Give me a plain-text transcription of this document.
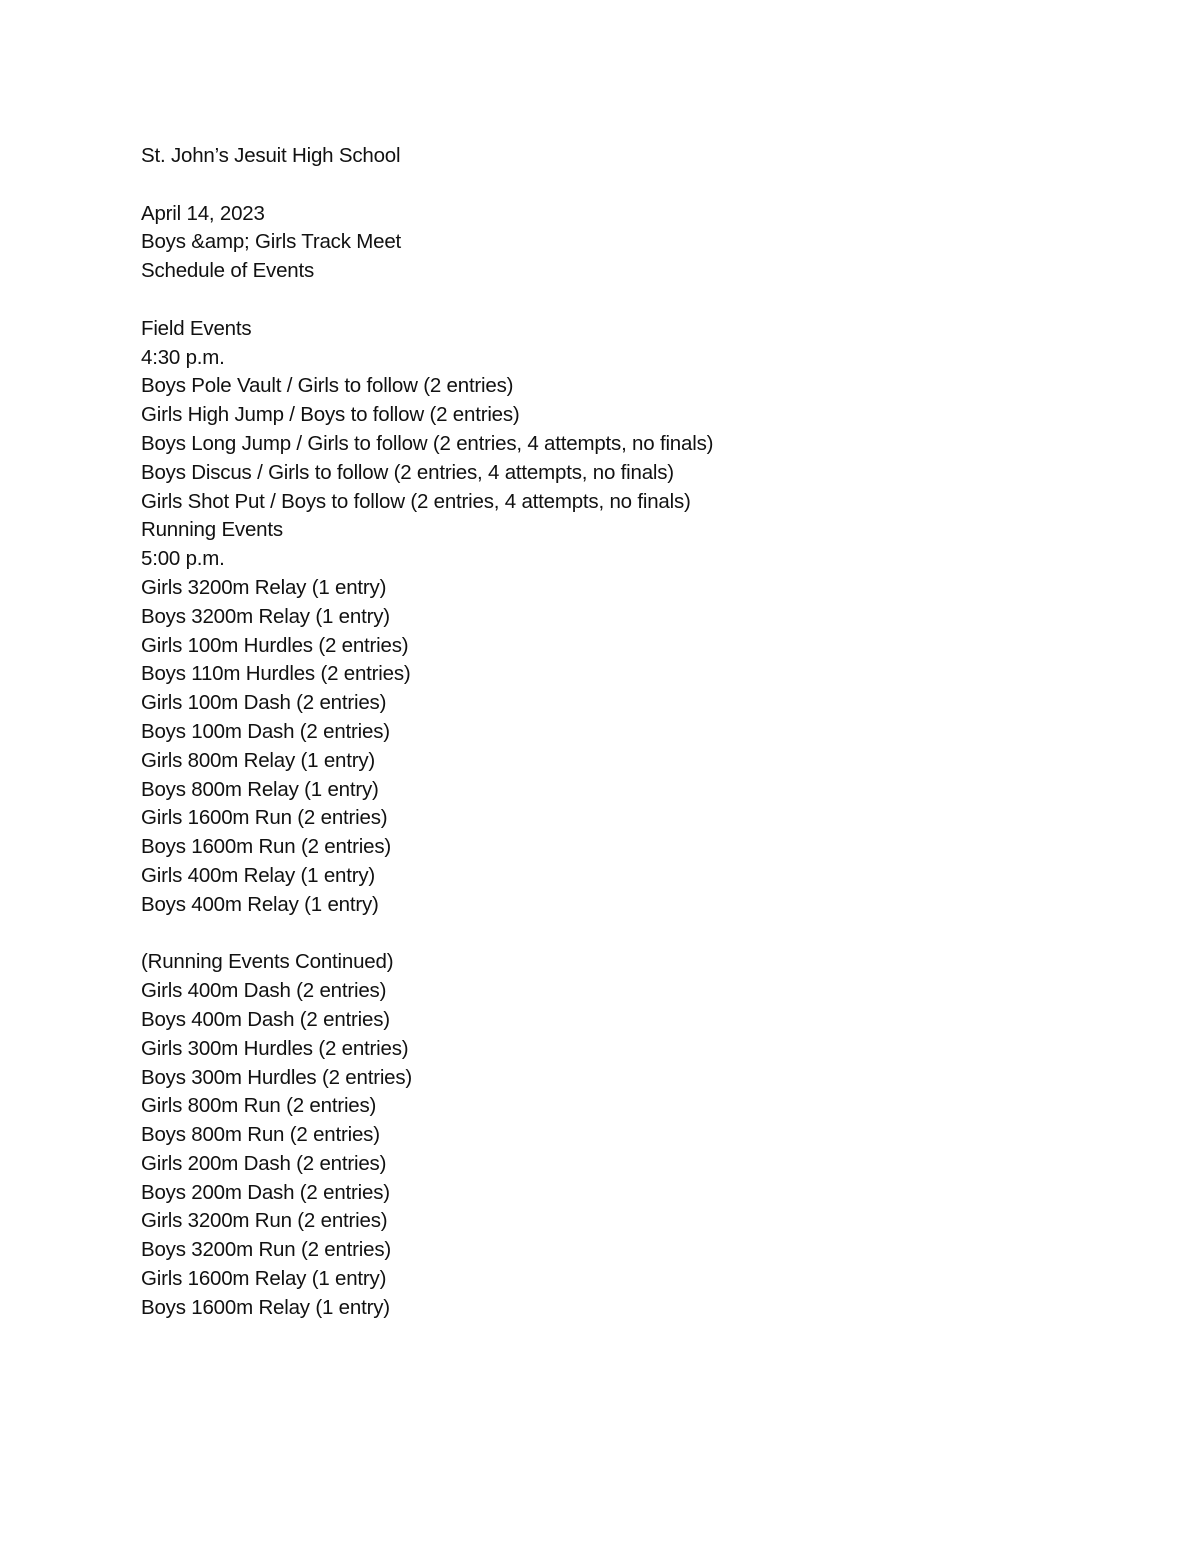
St. John’s Jesuit High School
April 14, 2023
Boys &amp; Girls Track Meet
Schedule of Events
Field Events
4:30 p.m.
Boys Pole Vault / Girls to follow (2 entries)
Girls High Jump / Boys to follow (2 entries)
Boys Long Jump / Girls to follow (2 entries, 4 attempts, no finals)
Boys Discus / Girls to follow (2 entries, 4 attempts, no finals)
Girls Shot Put / Boys to follow (2 entries, 4 attempts, no finals)
Running Events
5:00 p.m.
Girls 3200m Relay (1 entry)
Boys 3200m Relay (1 entry)
Girls 100m Hurdles (2 entries)
Boys 110m Hurdles (2 entries)
Girls 100m Dash (2 entries)
Boys 100m Dash (2 entries)
Girls 800m Relay (1 entry)
Boys 800m Relay (1 entry)
Girls 1600m Run (2 entries)
Boys 1600m Run (2 entries)
Girls 400m Relay (1 entry)
Boys 400m Relay (1 entry)
(Running Events Continued)
Girls 400m Dash (2 entries)
Boys 400m Dash (2 entries)
Girls 300m Hurdles (2 entries)
Boys 300m Hurdles (2 entries)
Girls 800m Run (2 entries)
Boys 800m Run (2 entries)
Girls 200m Dash (2 entries)
Boys 200m Dash (2 entries)
Girls 3200m Run (2 entries)
Boys 3200m Run (2 entries)
Girls 1600m Relay (1 entry)
Boys 1600m Relay (1 entry)
